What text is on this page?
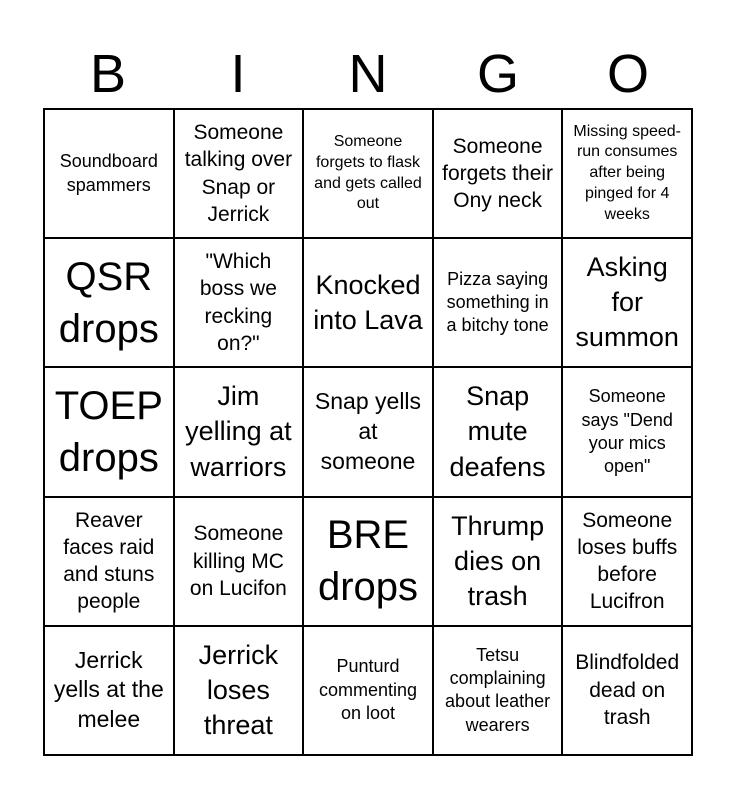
B	I	N	G	O
Soundboard spammers
Someone talking over Snap or Jerrick
Someone forgets to flask and gets called out
Someone forgets their Ony neck
Missing speed-run consumes after being pinged for 4 weeks
QSR drops
"Which boss we recking on?"
Knocked into Lava
Pizza saying something in a bitchy tone
Asking for summon
TOEP drops
Jim yelling at warriors
Snap yells at someone
Snap mute deafens
Someone says "Dend your mics open"
Reaver faces raid and stuns people
Someone killing MC on Lucifon
BRE drops
Thrump dies on trash
Someone loses buffs before Lucifron
Jerrick yells at the melee
Jerrick loses threat
Punturd commenting on loot
Tetsu complaining about leather wearers
Blindfolded dead on trash
